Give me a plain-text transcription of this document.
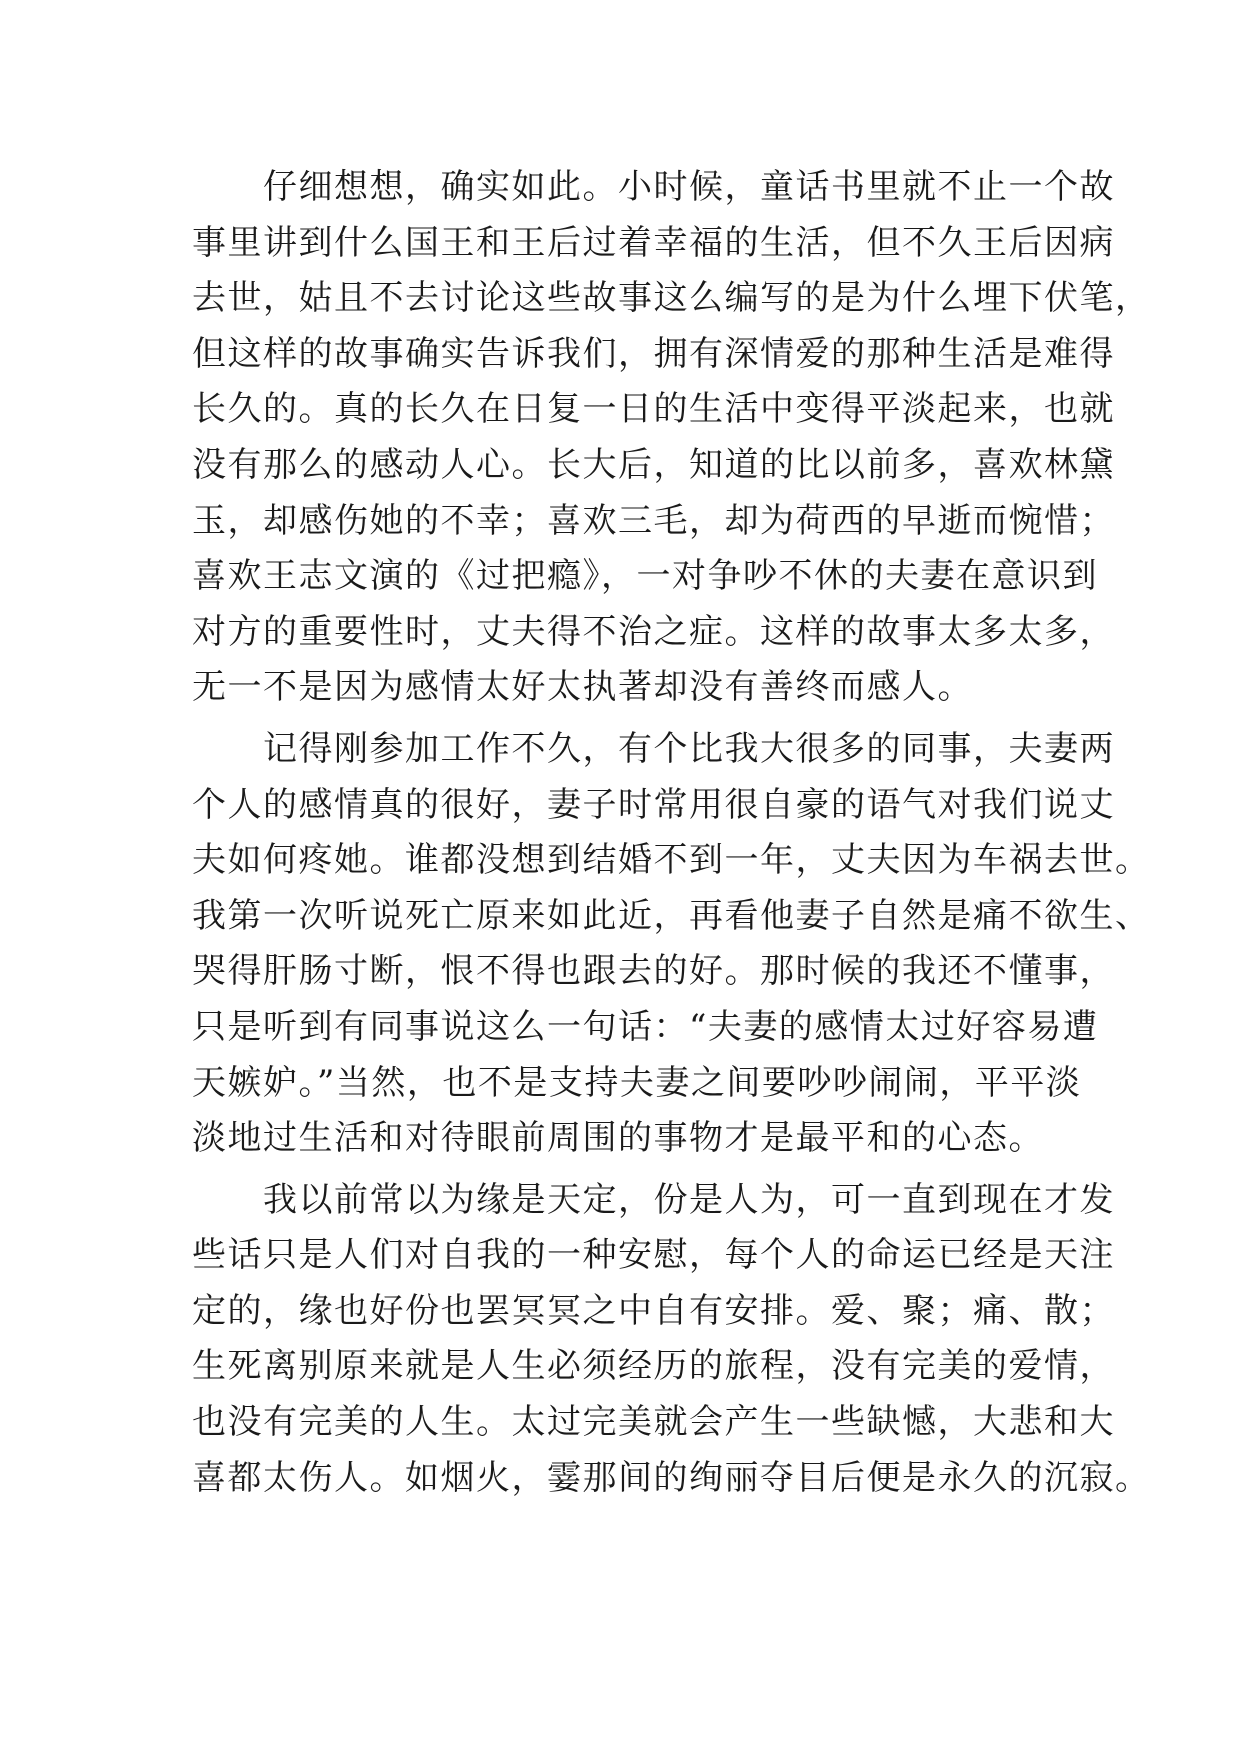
　　仔细想想，确实如此。小时候，童话书里就不止一个故
事里讲到什么国王和王后过着幸福的生活，但不久王后因病
去世，姑且不去讨论这些故事这么编写的是为什么埋下伏笔，
但这样的故事确实告诉我们，拥有深情爱的那种生活是难得
长久的。真的长久在日复一日的生活中变得平淡起来，也就
没有那么的感动人心。长大后，知道的比以前多，喜欢林黛
玉，却感伤她的不幸；喜欢三毛，却为荷西的早逝而惋惜；
喜欢王志文演的《过把瘾》，一对争吵不休的夫妻在意识到
对方的重要性时，丈夫得不治之症。这样的故事太多太多，
无一不是因为感情太好太执著却没有善终而感人。
　　记得刚参加工作不久，有个比我大很多的同事，夫妻两
个人的感情真的很好，妻子时常用很自豪的语气对我们说丈
夫如何疼她。谁都没想到结婚不到一年，丈夫因为车祸去世。
我第一次听说死亡原来如此近，再看他妻子自然是痛不欲生、
哭得肝肠寸断，恨不得也跟去的好。那时候的我还不懂事，
只是听到有同事说这么一句话：“夫妻的感情太过好容易遭
天嫉妒。”当然，也不是支持夫妻之间要吵吵闹闹，平平淡
淡地过生活和对待眼前周围的事物才是最平和的心态。
　　我以前常以为缘是天定，份是人为，可一直到现在才发
些话只是人们对自我的一种安慰，每个人的命运已经是天注
定的，缘也好份也罢冥冥之中自有安排。爱、聚；痛、散；
生死离别原来就是人生必须经历的旅程，没有完美的爱情，
也没有完美的人生。太过完美就会产生一些缺憾，大悲和大
喜都太伤人。如烟火，霎那间的绚丽夺目后便是永久的沉寂。
